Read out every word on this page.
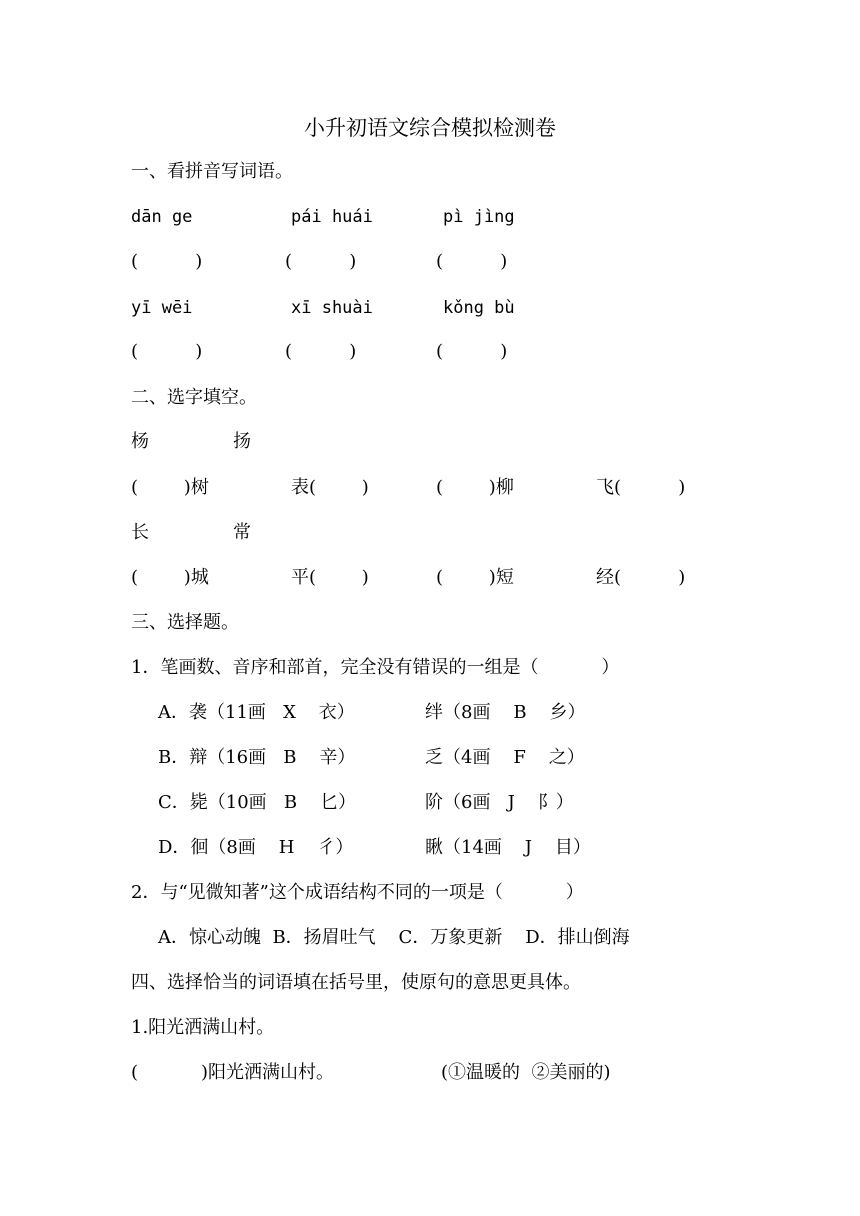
小升初语文综合模拟检测卷
一、看拼音写词语。
dān ge	pái huái	pì jìng
(          )	(          )	(          )
yī wēi	xī shuài	kǒng bù
(          )	(          )	(          )
二、选字填空。
杨	扬
(        )树	表(        )	(        )柳	飞(          )
长	常
(        )城	平(        )	(        )短	经(          )
三、选择题。
1．笔画数、音序和部首，完全没有错误的一组是（           ）
A．袭（11画   X    衣）	绊（8画    B    乡）
B．辩（16画   B    辛）	乏（4画    F    之）
C．毙（10画   B    匕）	阶（6画   J    阝）
D．徊（8画    H    彳）	瞅（14画    J    目）
2．与“见微知著”这个成语结构不同的一项是（           ）
A．惊心动魄  B．扬眉吐气    C．万象更新    D．排山倒海
四、选择恰当的词语填在括号里，使原句的意思更具体。
1.阳光洒满山村。
(           )阳光洒满山村。	(①温暖的  ②美丽的)
